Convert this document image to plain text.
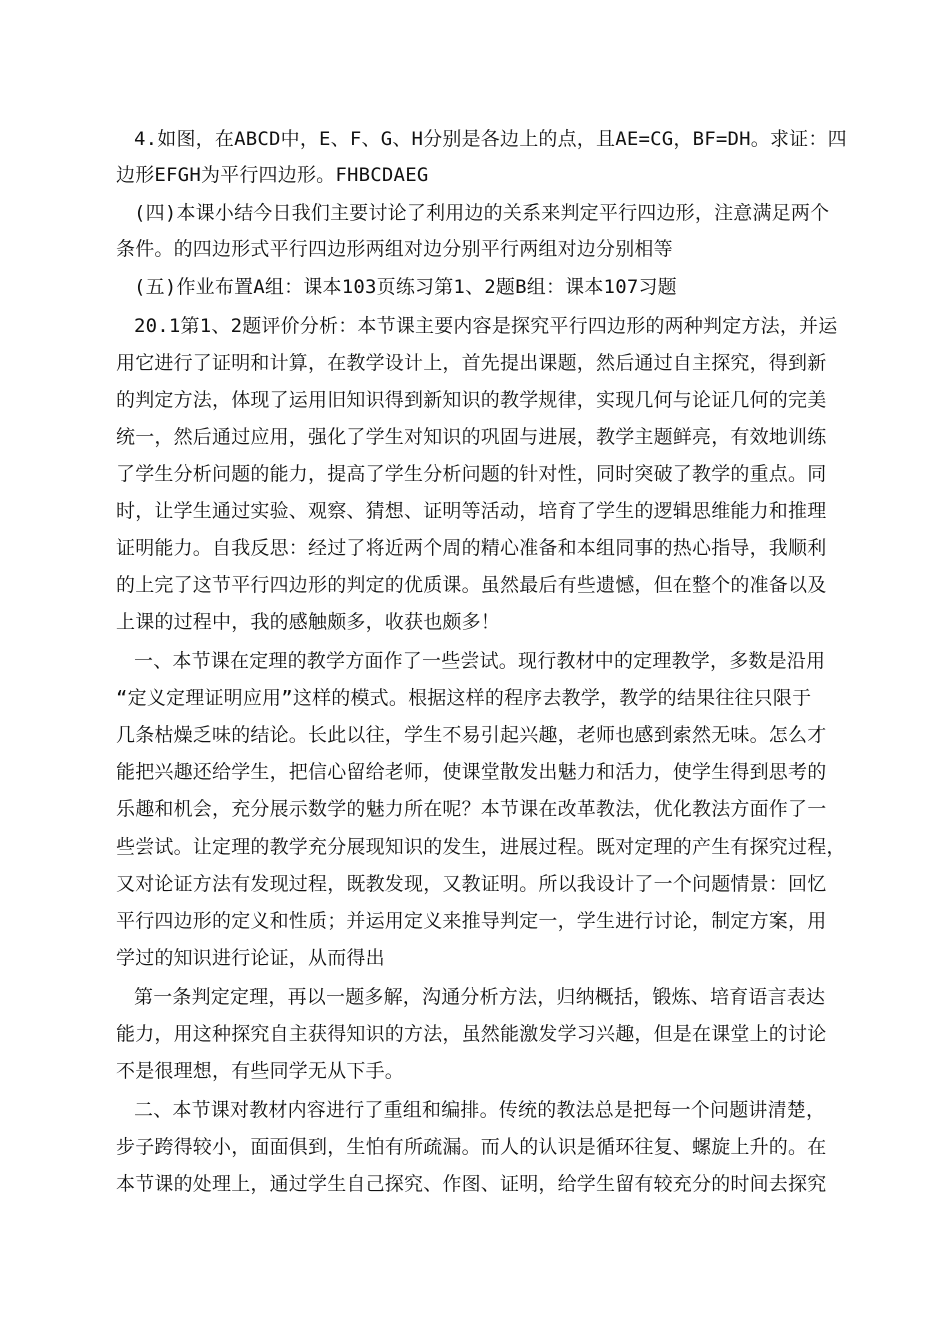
4.如图，在ABCD中，E、F、G、H分别是各边上的点，且AE=CG，BF=DH。求证：四
边形EFGH为平行四边形。FHBCDAEG
(四)本课小结今日我们主要讨论了利用边的关系来判定平行四边形，注意满足两个
条件。的四边形式平行四边形两组对边分别平行两组对边分别相等
(五)作业布置A组：课本103页练习第1、2题B组：课本107习题
20.1第1、2题评价分析：本节课主要内容是探究平行四边形的两种判定方法，并运
用它进行了证明和计算，在教学设计上，首先提出课题，然后通过自主探究，得到新
的判定方法，体现了运用旧知识得到新知识的教学规律，实现几何与论证几何的完美
统一，然后通过应用，强化了学生对知识的巩固与进展，教学主题鲜亮，有效地训练
了学生分析问题的能力，提高了学生分析问题的针对性，同时突破了教学的重点。同
时，让学生通过实验、观察、猜想、证明等活动，培育了学生的逻辑思维能力和推理
证明能力。自我反思：经过了将近两个周的精心准备和本组同事的热心指导，我顺利
的上完了这节平行四边形的判定的优质课。虽然最后有些遗憾，但在整个的准备以及
上课的过程中，我的感触颇多，收获也颇多！
一、本节课在定理的教学方面作了一些尝试。现行教材中的定理教学，多数是沿用
“定义定理证明应用”这样的模式。根据这样的程序去教学，教学的结果往往只限于
几条枯燥乏味的结论。长此以往，学生不易引起兴趣，老师也感到索然无味。怎么才
能把兴趣还给学生，把信心留给老师，使课堂散发出魅力和活力，使学生得到思考的
乐趣和机会，充分展示数学的魅力所在呢？本节课在改革教法，优化教法方面作了一
些尝试。让定理的教学充分展现知识的发生，进展过程。既对定理的产生有探究过程，
又对论证方法有发现过程，既教发现，又教证明。所以我设计了一个问题情景：回忆
平行四边形的定义和性质；并运用定义来推导判定一，学生进行讨论，制定方案，用
学过的知识进行论证，从而得出
第一条判定定理，再以一题多解，沟通分析方法，归纳概括，锻炼、培育语言表达
能力，用这种探究自主获得知识的方法，虽然能激发学习兴趣，但是在课堂上的讨论
不是很理想，有些同学无从下手。
二、本节课对教材内容进行了重组和编排。传统的教法总是把每一个问题讲清楚，
步子跨得较小，面面俱到，生怕有所疏漏。而人的认识是循环往复、螺旋上升的。在
本节课的处理上，通过学生自己探究、作图、证明，给学生留有较充分的时间去探究
